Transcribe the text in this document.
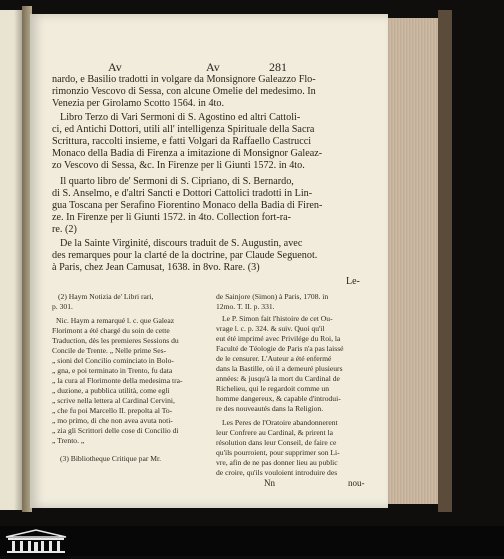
Av	Av	281
nardo, e Basilio tradotti in volgare da Monsignore Galeazzo Flo-
rimonzio Vescovo di Sessa, con alcune Omelie del medesimo. In
Venezia per Girolamo Scotto 1564. in 4to.
Libro Terzo di Vari Sermoni di S. Agostino ed altri Cattoli-
ci, ed Antichi Dottori, utili all' intelligenza Spirituale della Sacra
Scrittura, raccolti insieme, e fatti Volgari da Raffaello Castrucci
Monaco della Badia di Firenza a imitazione di Monsignor Galeaz-
zo Vescovo di Sessa, &c. In Firenze per li Giunti 1572. in 4to.
Il quarto libro de' Sermoni di S. Cipriano, di S. Bernardo,
di S. Anselmo, e d'altri Sancti e Dottori Cattolici tradotti in Lin-
gua Toscana per Serafino Fiorentino Monaco della Badia di Firen-
ze. In Firenze per li Giunti 1572. in 4to. Collection fort-ra-
re. (2)
De la Sainte Virginité, discours traduit de S. Augustin, avec
des remarques pour la clarté de la doctrine, par Claude Seguenot.
à Paris, chez Jean Camusat, 1638. in 8vo. Rare. (3)
Le-
(2) Haym Notizia de' Libri rari,
p. 301.
Nic. Haym a remarqué l. c. que Galeaz
Florimont a été chargé du soin de cette
Traduction, dès les premieres Sessions du
Concile de Trente. „ Nelle prime Ses-
„ sioni del Concilio cominciato in Bolo-
„ gna, e poi terminato in Trento, fu data
„ la cura al Florimonte della medesima tra-
„ duzione, a pubblica utilità, come egli
„ scrive nella lettera al Cardinal Cervini,
„ che fu poi Marcello II. prepolta al To-
„ mo primo, di che non avea avuta noti-
„ zia gli Scrittori delle cose di Concilio di
„ Trento. „
(3) Bibliotheque Critique par Mr.
de Sainjore (Simon) à Paris, 1708. in
12mo. T. II. p. 331.
Le P. Simon fait l'histoire de cet Ou-
vrage l. c. p. 324. & suiv. Quoi qu'il
eut été imprimé avec Privilége du Roi, la
Faculté de Téologie de Paris n'a pas laissé
de le censurer. L'Auteur a été enfermé
dans la Bastille, où il a demeuré plusieurs
années: & jusqu'à la mort du Cardinal de
Richelieu, qui le regardoit comme un
homme dangereux, & capable d'introdui-
re des nouveautés dans la Religion.
Les Peres de l'Oratoire abandonnerent
leur Confrere au Cardinal, & prirent la
résolution dans leur Conseil, de faire ce
qu'ils pourroient, pour supprimer son Li-
vre, afin de ne pas donner lieu au public
de croire, qu'ils vouloient introduire des
Nn	nou-
